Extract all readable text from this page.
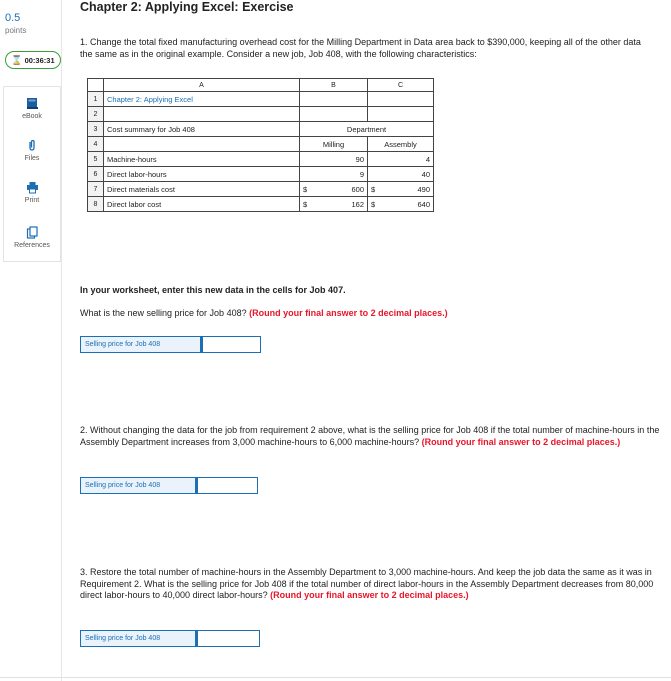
0.5
points
⌛ 00:36:31
eBook
Files
Print
References
Chapter 2: Applying Excel: Exercise
1. Change the total fixed manufacturing overhead cost for the Milling Department in Data area back to $390,000, keeping all of the other data the same as in the original example. Consider a new job, Job 408, with the following characteristics:
	A	B	C
1	Chapter 2: Applying Excel		
2			
3	Cost summary for Job 408	Department	
4		Milling	Assembly
5	Machine-hours	90	4
6	Direct labor-hours	9	40
7	Direct materials cost	$ 600	$ 490

8	Direct labor cost	$ 162	$ 640
In your worksheet, enter this new data in the cells for Job 407.
What is the new selling price for Job 408? (Round your final answer to 2 decimal places.)
Selling price for Job 408
2. Without changing the data for the job from requirement 2 above, what is the selling price for Job 408 if the total number of machine-hours in the Assembly Department increases from 3,000 machine-hours to 6,000 machine-hours? (Round your final answer to 2 decimal places.)
Selling price for Job 408
3. Restore the total number of machine-hours in the Assembly Department to 3,000 machine-hours. And keep the job data the same as it was in Requirement 2. What is the selling price for Job 408 if the total number of direct labor-hours in the Assembly Department decreases from 80,000 direct labor-hours to 40,000 direct labor-hours? (Round your final answer to 2 decimal places.)
Selling price for Job 408
